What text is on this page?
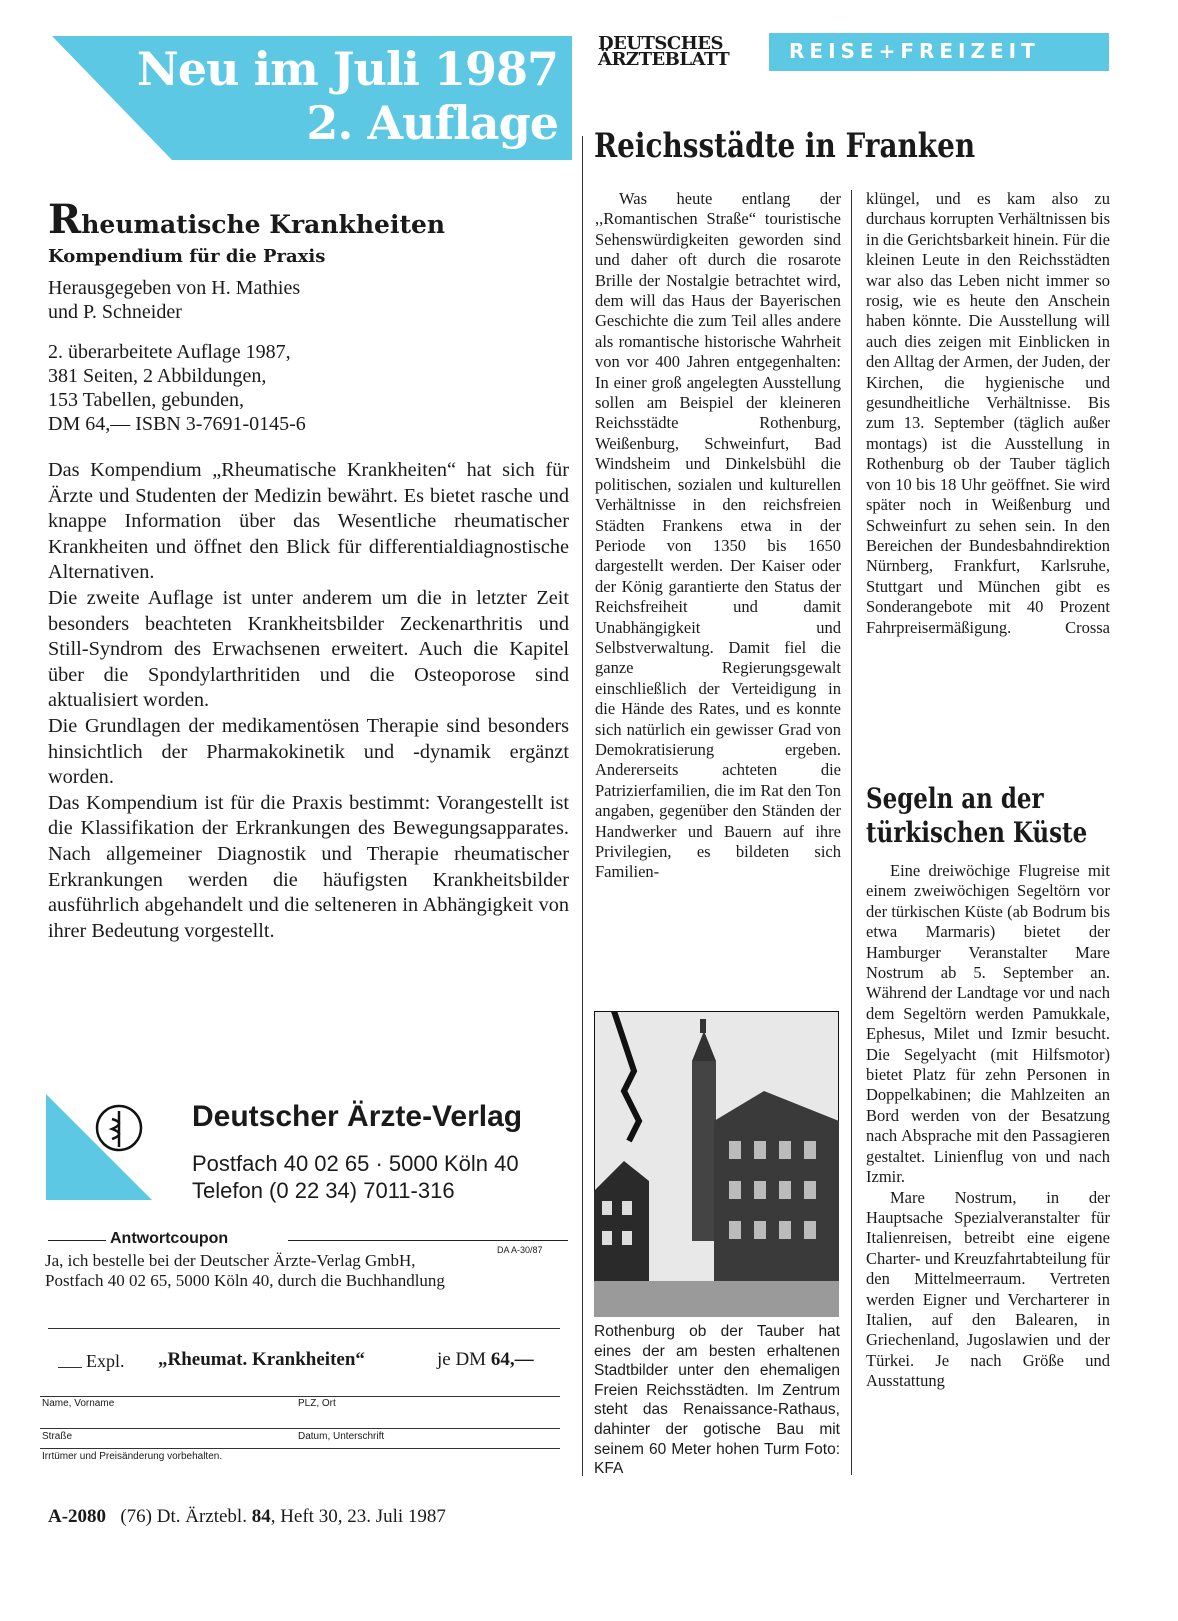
Neu im Juli 1987
2. Auflage
Rheumatische Krankheiten
Kompendium für die Praxis
Herausgegeben von H. Mathies
und P. Schneider
2. überarbeitete Auflage 1987,
381 Seiten, 2 Abbildungen,
153 Tabellen, gebunden,
DM 64,— ISBN 3-7691-0145-6

Das Kompendium „Rheumatische Krankheiten“ hat sich für Ärzte und Studenten der Medizin bewährt. Es bietet rasche und knappe Information über das Wesentliche rheumatischer Krankheiten und öffnet den Blick für differentialdiagnostische Alternativen.

Die zweite Auflage ist unter anderem um die in letzter Zeit besonders beachteten Krankheitsbilder Zeckenarthritis und Still-Syndrom des Erwachsenen erweitert. Auch die Kapitel über die Spondylarthritiden und die Osteoporose sind aktualisiert worden.

Die Grundlagen der medikamentösen Therapie sind besonders hinsichtlich der Pharmakokinetik und -dynamik ergänzt worden.

Das Kompendium ist für die Praxis bestimmt: Vorangestellt ist die Klassifikation der Erkrankungen des Bewegungsapparates. Nach allgemeiner Diagnostik und Therapie rheumatischer Erkrankungen werden die häufigsten Krankheitsbilder ausführlich abgehandelt und die selteneren in Abhängigkeit von ihrer Bedeutung vorgestellt.

Deutscher Ärzte-Verlag
Postfach 40 02 65 · 5000 Köln 40
Telefon (0 22 34) 7011-316
Antwortcoupon
DA A-30/87
Ja, ich bestelle bei der Deutscher Ärzte-Verlag GmbH,
Postfach 40 02 65, 5000 Köln 40, durch die Buchhandlung
Expl. „Rheumat. Krankheiten“	je DM 64,—
Name, Vorname	PLZ, Ort
Straße	Datum, Unterschrift
Irrtümer und Preisänderung vorbehalten.
DEUTSCHES
ÄRZTEBLATT	REISE+FREIZEIT
Reichsstädte in Franken

Was heute entlang der ,,Romantischen Straße“ touristische Sehenswürdigkeiten geworden sind und daher oft durch die rosarote Brille der Nostalgie betrachtet wird, dem will das Haus der Bayerischen Geschichte die zum Teil alles andere als romantische historische Wahrheit von vor 400 Jahren entgegenhalten: In einer groß angelegten Ausstellung sollen am Beispiel der kleineren Reichsstädte Rothenburg, Weißenburg, Schweinfurt, Bad Windsheim und Dinkelsbühl die politischen, sozialen und kulturellen Verhältnisse in den reichsfreien Städten Frankens etwa in der Periode von 1350 bis 1650 dargestellt werden. Der Kaiser oder der König garantierte den Status der Reichsfreiheit und damit Unabhängigkeit und Selbstverwaltung. Damit fiel die ganze Regierungsgewalt einschließlich der Verteidigung in die Hände des Rates, und es konnte sich natürlich ein gewisser Grad von Demokratisierung ergeben. Andererseits achteten die Patrizierfamilien, die im Rat den Ton angaben, gegenüber den Ständen der Handwerker und Bauern auf ihre Privilegien, es bildeten sich Familien-

klüngel, und es kam also zu durchaus korrupten Verhältnissen bis in die Gerichtsbarkeit hinein. Für die kleinen Leute in den Reichsstädten war also das Leben nicht immer so rosig, wie es heute den Anschein haben könnte. Die Ausstellung will auch dies zeigen mit Einblicken in den Alltag der Armen, der Juden, der Kirchen, die hygienische und gesundheitliche Verhältnisse. Bis zum 13. September (täglich außer montags) ist die Ausstellung in Rothenburg ob der Tauber täglich von 10 bis 18 Uhr geöffnet. Sie wird später noch in Weißenburg und Schweinfurt zu sehen sein. In den Bereichen der Bundesbahndirektion Nürnberg, Frankfurt, Karlsruhe, Stuttgart und München gibt es Sonderangebote mit 40 Prozent Fahrpreisermäßigung.	Crossa

Rothenburg ob der Tauber hat eines der am besten erhaltenen Stadtbilder unter den ehemaligen Freien Reichsstädten. Im Zentrum steht das Renaissance-Rathaus, dahinter der gotische Bau mit seinem 60 Meter hohen Turm Foto: KFA
Segeln an der
türkischen Küste

Eine dreiwöchige Flugreise mit einem zweiwöchigen Segeltörn vor der türkischen Küste (ab Bodrum bis etwa Marmaris) bietet der Hamburger Veranstalter Mare Nostrum ab 5. September an. Während der Landtage vor und nach dem Segeltörn werden Pamukkale, Ephesus, Milet und Izmir besucht. Die Segelyacht (mit Hilfsmotor) bietet Platz für zehn Personen in Doppelkabinen; die Mahlzeiten an Bord werden von der Besatzung nach Absprache mit den Passagieren gestaltet. Linienflug von und nach Izmir.

Mare Nostrum, in der Hauptsache Spezialveranstalter für Italienreisen, betreibt eine eigene Charter- und Kreuzfahrtabteilung für den Mittelmeerraum. Vertreten werden Eigner und Vercharterer in Italien, auf den Balearen, in Griechenland, Jugoslawien und der Türkei. Je nach Größe und Ausstattung

A-2080 (76) Dt. Ärztebl. 84, Heft 30, 23. Juli 1987
